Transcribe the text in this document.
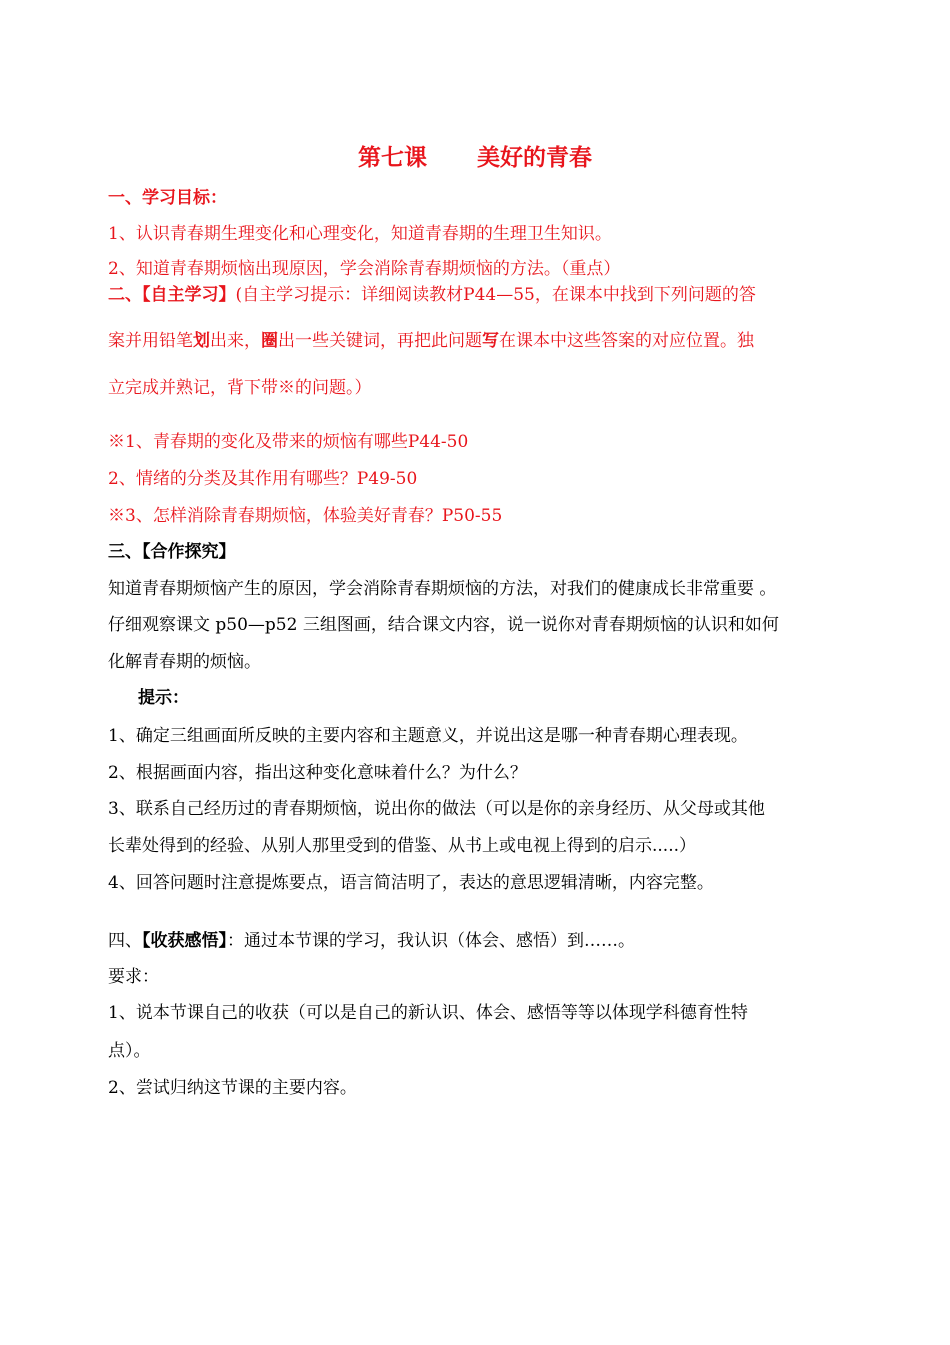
第七课 美好的青春
一、学习目标：
1、认识青春期生理变化和心理变化，知道青春期的生理卫生知识。
2、知道青春期烦恼出现原因，学会消除青春期烦恼的方法。（重点）
二、【自主学习】(自主学习提示：详细阅读教材P44—55，在课本中找到下列问题的答
案并用铅笔划出来，圈出一些关键词，再把此问题写在课本中这些答案的对应位置。独
立完成并熟记，背下带※的问题。）
※1、青春期的变化及带来的烦恼有哪些P44-50
2、情绪的分类及其作用有哪些？P49-50
※3、怎样消除青春期烦恼，体验美好青春？P50-55
三、【合作探究】
知道青春期烦恼产生的原因，学会消除青春期烦恼的方法，对我们的健康成长非常重要 。
仔细观察课文 p50—p52 三组图画，结合课文内容，说一说你对青春期烦恼的认识和如何
化解青春期的烦恼。
提示：
1、确定三组画面所反映的主要内容和主题意义，并说出这是哪一种青春期心理表现。
2、根据画面内容，指出这种变化意味着什么？为什么？
3、联系自己经历过的青春期烦恼，说出你的做法（可以是你的亲身经历、从父母或其他
长辈处得到的经验、从别人那里受到的借鉴、从书上或电视上得到的启示.....）
4、回答问题时注意提炼要点，语言简洁明了，表达的意思逻辑清晰，内容完整。
四、【收获感悟】：通过本节课的学习，我认识（体会、感悟）到……。
要求：
1、说本节课自己的收获（可以是自己的新认识、体会、感悟等等以体现学科德育性特
点）。
2、尝试归纳这节课的主要内容。
